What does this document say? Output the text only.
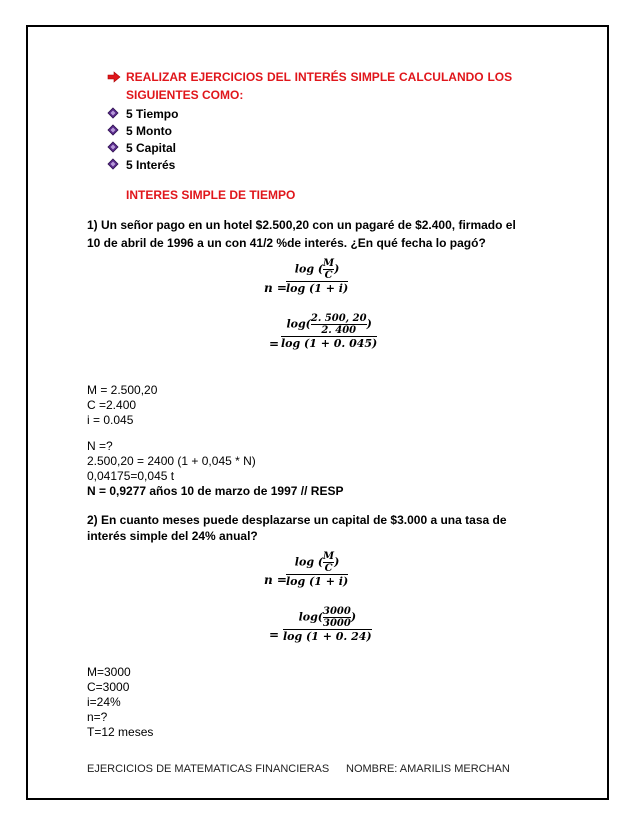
REALIZAR EJERCICIOS DEL INTERÉS SIMPLE CALCULANDO LOS
SIGUIENTES COMO:
5 Tiempo
5 Monto
5 Capital
5 Interés
INTERES SIMPLE DE TIEMPO
1) Un señor pago en un hotel $2.500,20 con un pagaré de $2.400, firmado el
10 de abril de 1996 a un con 41/2 %de interés. ¿En qué fecha lo pagó?
n =
log ( $\frac{M}{C}$ )
log (1 + i)
=
$\log( \frac{2. 500, 20}{2. 400}$ )
log (1 + 0. 045)
M = 2.500,20
C =2.400
i = 0.045
N =?
2.500,20 = 2400 (1 + 0,045 * N)
0,04175=0,045 t
N = 0,9277 años 10 de marzo de 1997 // RESP
2) En cuanto meses puede desplazarse un capital de $3.000 a una tasa de
interés simple del 24% anual?
n =
log ( $\frac{M}{C}$ )
log (1 + i)
=
$\log( \frac{3000}{3000}$ )
log (1 + 0. 24)
M=3000
C=3000
i=24%
n=?
T=12 meses
EJERCICIOS DE MATEMATICAS FINANCIERAS NOMBRE: AMARILIS MERCHAN
